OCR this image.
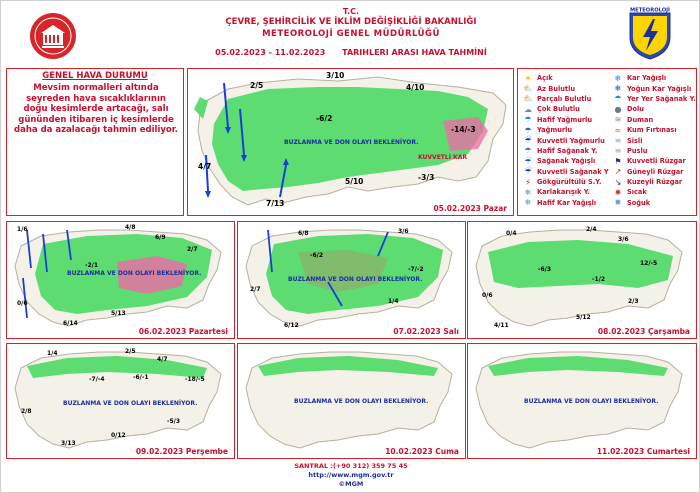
T.C.
ÇEVRE, ŞEHİRCİLİK VE İKLİM DEĞİŞİKLİĞİ BAKANLIĞI
METEOROLOJİ GENEL MÜDÜRLÜĞÜ
05.02.2023 - 11.02.2023 TARIHLERI ARASI HAVA TAHMİNİ
METEOROLOJİ
GENEL HAVA DURUMU
Mevsim normalleri altında seyreden hava sıcaklıklarının doğu kesimlerde artacağı, salı gününden itibaren iç kesimlerde daha da azalacağı tahmin ediliyor.
2/5
3/10
4/10
-6/2
-14/-3
4/7
5/10	-3/3
7/13
BUZLANMA VE DON OLAYI BEKLENİYOR.
KUVVETLİ KAR
05.02.2023 Pazar
☀ Açık	❄ Kar Yağışlı
⛅ Az Bulutlu	❄ Yoğun Kar Yağışlı
⛅ Parçalı Bulutlu	☂ Yer Yer Sağanak Y.
☁ Çok Bulutlu	● Dolu
☂ Hafif Yağmurlu	≋ Duman
☂ Yağmurlu	≈ Kum Fırtınası
☔ Kuvvetli Yağmurlu	≡ Sisli
☂ Hafif Sağanak Y.	≡ Puslu
☔ Sağanak Yağışlı	⚑ Kuvvetli Rüzgar
☔ Kuvvetli Sağanak Y ↗ Güneyli Rüzgar
⚡ Gökgürültülü S.Y.	↘ Kuzeyli Rüzgar
❄ Karlakarışık Y.	✹ Sıcak
❄ Hafif Kar Yağışlı	❅ Soğuk
1/6	4/8
6/9
-2/1
2/7
0/6
5/13
6/14
BUZLANMA VE DON OLAYI BEKLENİYOR.
06.02.2023 Pazartesi
3/6
-6/2
-7/-2
1/4
6/12
2/7
6/8
BUZLANMA VE DON OLAYI BEKLENİYOR.
07.02.2023 Salı
0/4
2/4
3/6
-6/3
-1/2
12/-5
0/6
2/3
4/11
5/12
08.02.2023 Çarşamba
1/4	2/5
4/7
-7/-4	-6/-1	-18/-5
2/8
0/12
3/13
-5/3
BUZLANMA VE DON OLAYI BEKLENİYOR.
09.02.2023 Perşembe
BUZLANMA VE DON OLAYI BEKLENİYOR.
10.02.2023 Cuma
BUZLANMA VE DON OLAYI BEKLENİYOR.
11.02.2023 Cumartesi
SANTRAL :(+90 312) 359 75 45
http://www.mgm.gov.tr
©MGM
